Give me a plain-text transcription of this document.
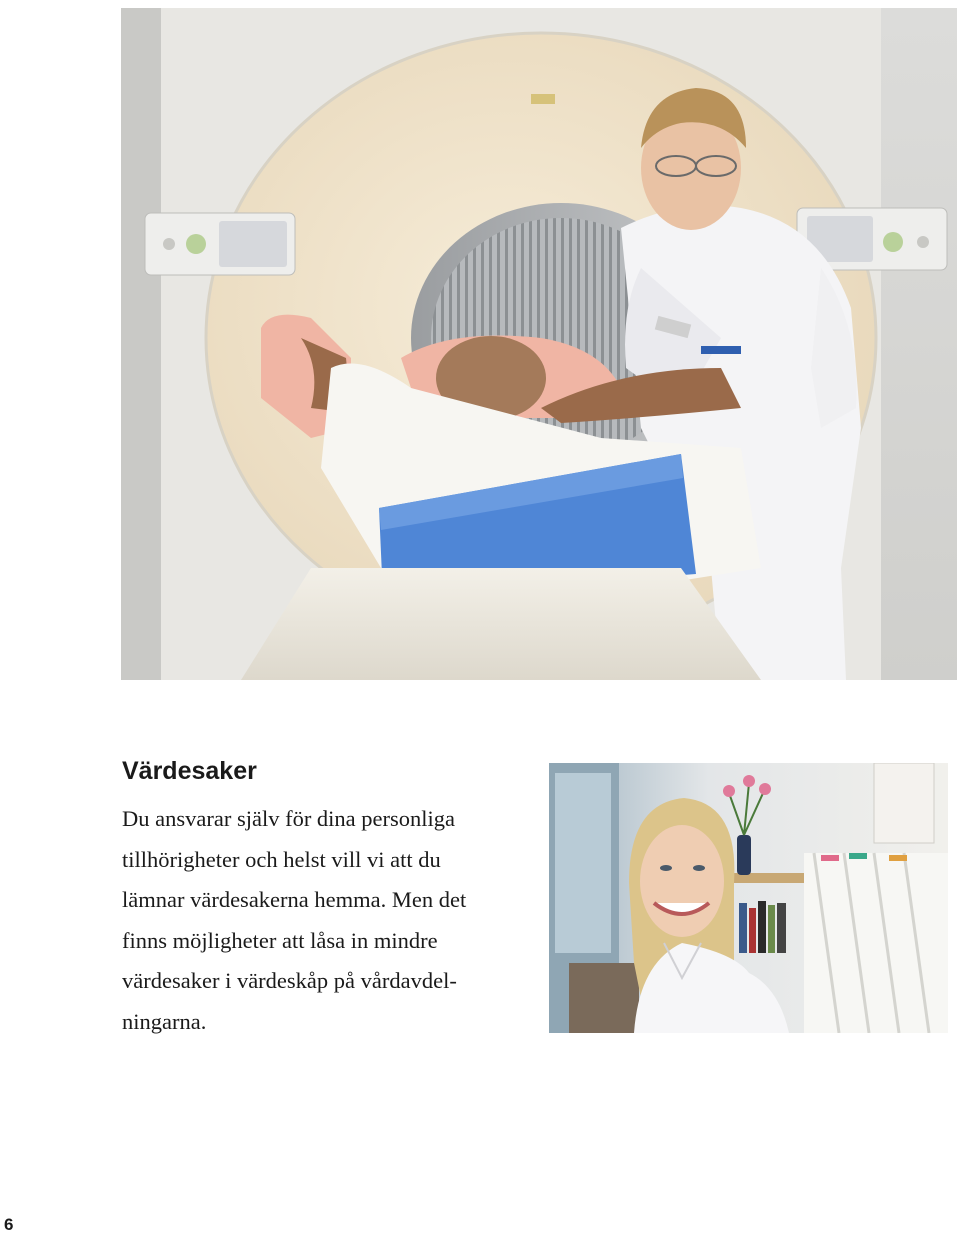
Värdesaker

Du ansvarar själv för dina personliga
tillhörigheter och helst vill vi att du
lämnar värdesakerna hemma. Men det
finns möjligheter att låsa in mindre
värdesaker i värdeskåp på vårdavdel-
ningarna.

6
